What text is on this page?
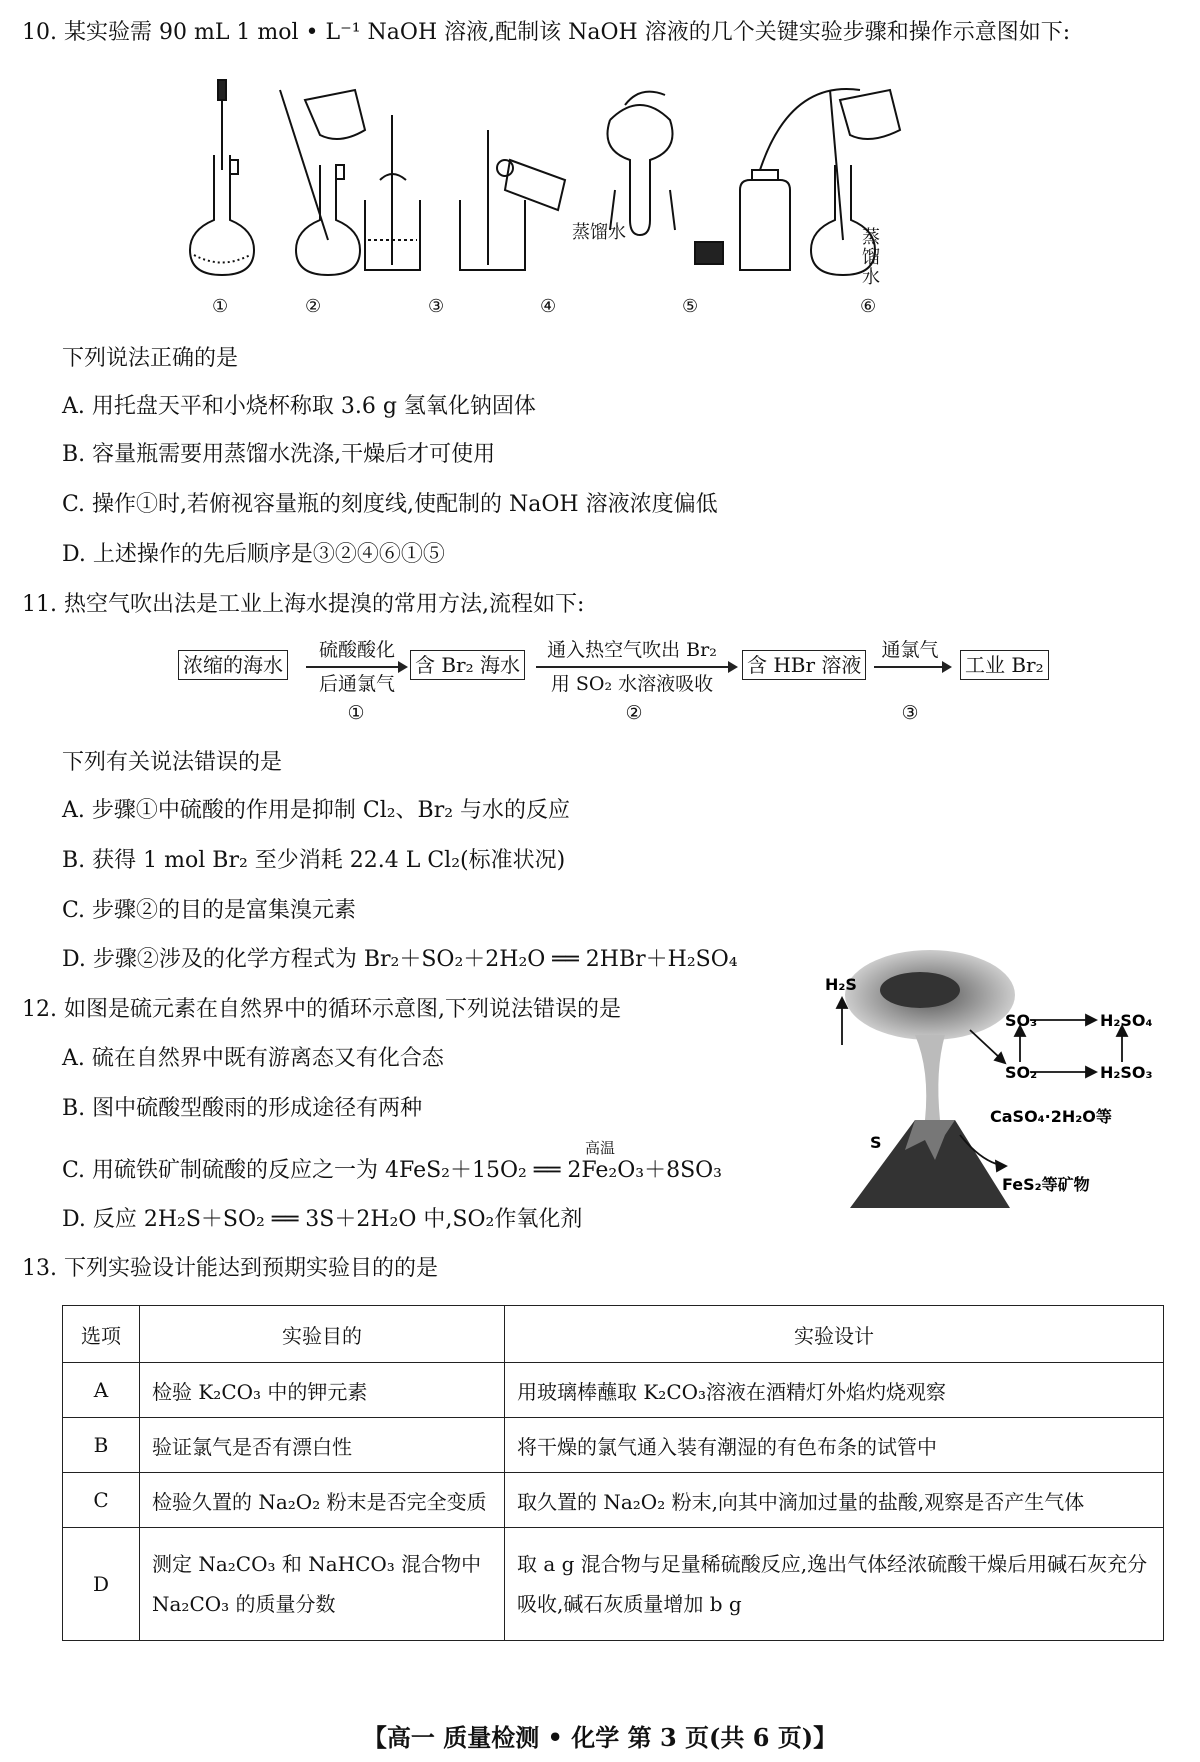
10. 某实验需 90 mL 1 mol • L⁻¹ NaOH 溶液,配制该 NaOH 溶液的几个关键实验步骤和操作示意图如下:
蒸馏水	蒸馏水
①	②	③	④	⑤	⑥
下列说法正确的是
A. 用托盘天平和小烧杯称取 3.6 g 氢氧化钠固体
B. 容量瓶需要用蒸馏水洗涤,干燥后才可使用
C. 操作①时,若俯视容量瓶的刻度线,使配制的 NaOH 溶液浓度偏低
D. 上述操作的先后顺序是③②④⑥①⑤
11. 热空气吹出法是工业上海水提溴的常用方法,流程如下:
浓缩的海水
硫酸酸化
后通氯气
含 Br₂ 海水
通入热空气吹出 Br₂
用 SO₂ 水溶液吸收
含 HBr 溶液
通氯气
工业 Br₂
①	②	③
下列有关说法错误的是
A. 步骤①中硫酸的作用是抑制 Cl₂、Br₂ 与水的反应
B. 获得 1 mol Br₂ 至少消耗 22.4 L Cl₂(标准状况)
C. 步骤②的目的是富集溴元素
D. 步骤②涉及的化学方程式为 Br₂＋SO₂＋2H₂O ══ 2HBr＋H₂SO₄
12. 如图是硫元素在自然界中的循环示意图,下列说法错误的是
A. 硫在自然界中既有游离态又有化合态
B. 图中硫酸型酸雨的形成途径有两种
高温
C. 用硫铁矿制硫酸的反应之一为 4FeS₂＋15O₂ ══ 2Fe₂O₃＋8SO₃
D. 反应 2H₂S＋SO₂ ══ 3S＋2H₂O 中,SO₂作氧化剂
H₂S
SO₃	H₂SO₄
SO₂	H₂SO₃
CaSO₄·2H₂O等
S
FeS₂等矿物
13. 下列实验设计能达到预期实验目的的是
选项	实验目的	实验设计
A	检验 K₂CO₃ 中的钾元素	用玻璃棒蘸取 K₂CO₃溶液在酒精灯外焰灼烧观察
B	验证氯气是否有漂白性	将干燥的氯气通入装有潮湿的有色布条的试管中
C	检验久置的 Na₂O₂ 粉末是否完全变质	取久置的 Na₂O₂ 粉末,向其中滴加过量的盐酸,观察是否产生气体
D	测定 Na₂CO₃ 和 NaHCO₃ 混合物中 Na₂CO₃ 的质量分数	取 a g 混合物与足量稀硫酸反应,逸出气体经浓硫酸干燥后用碱石灰充分吸收,碱石灰质量增加 b g
【高一 质量检测 • 化学 第 3 页(共 6 页)】
